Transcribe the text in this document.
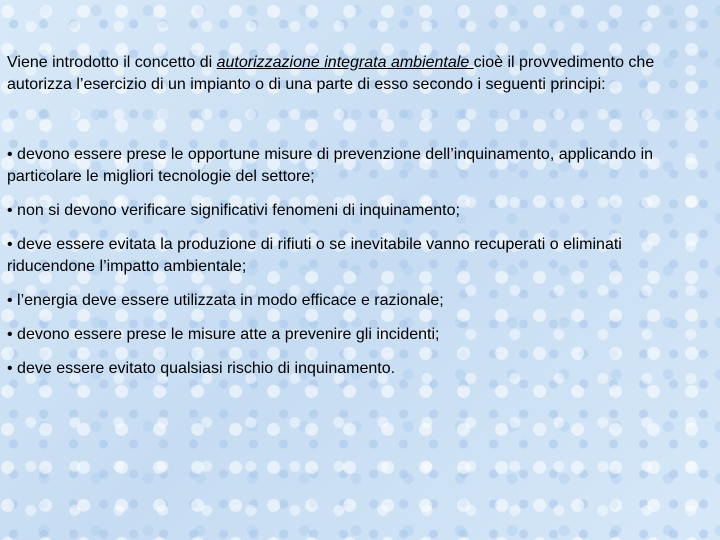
Viene introdotto il concetto di autorizzazione integrata ambientale cioè il provvedimento che autorizza l’esercizio di un impianto o di una parte di esso secondo i seguenti principi:

• devono essere prese le opportune misure di prevenzione dell’inquinamento, applicando in particolare le migliori tecnologie del settore;

• non si devono verificare significativi fenomeni di inquinamento;

• deve essere evitata la produzione di rifiuti o se inevitabile vanno recuperati o eliminati riducendone l’impatto ambientale;

• l’energia deve essere utilizzata in modo efficace e razionale;

• devono essere prese le misure atte a prevenire gli incidenti;

• deve essere evitato qualsiasi rischio di inquinamento.
